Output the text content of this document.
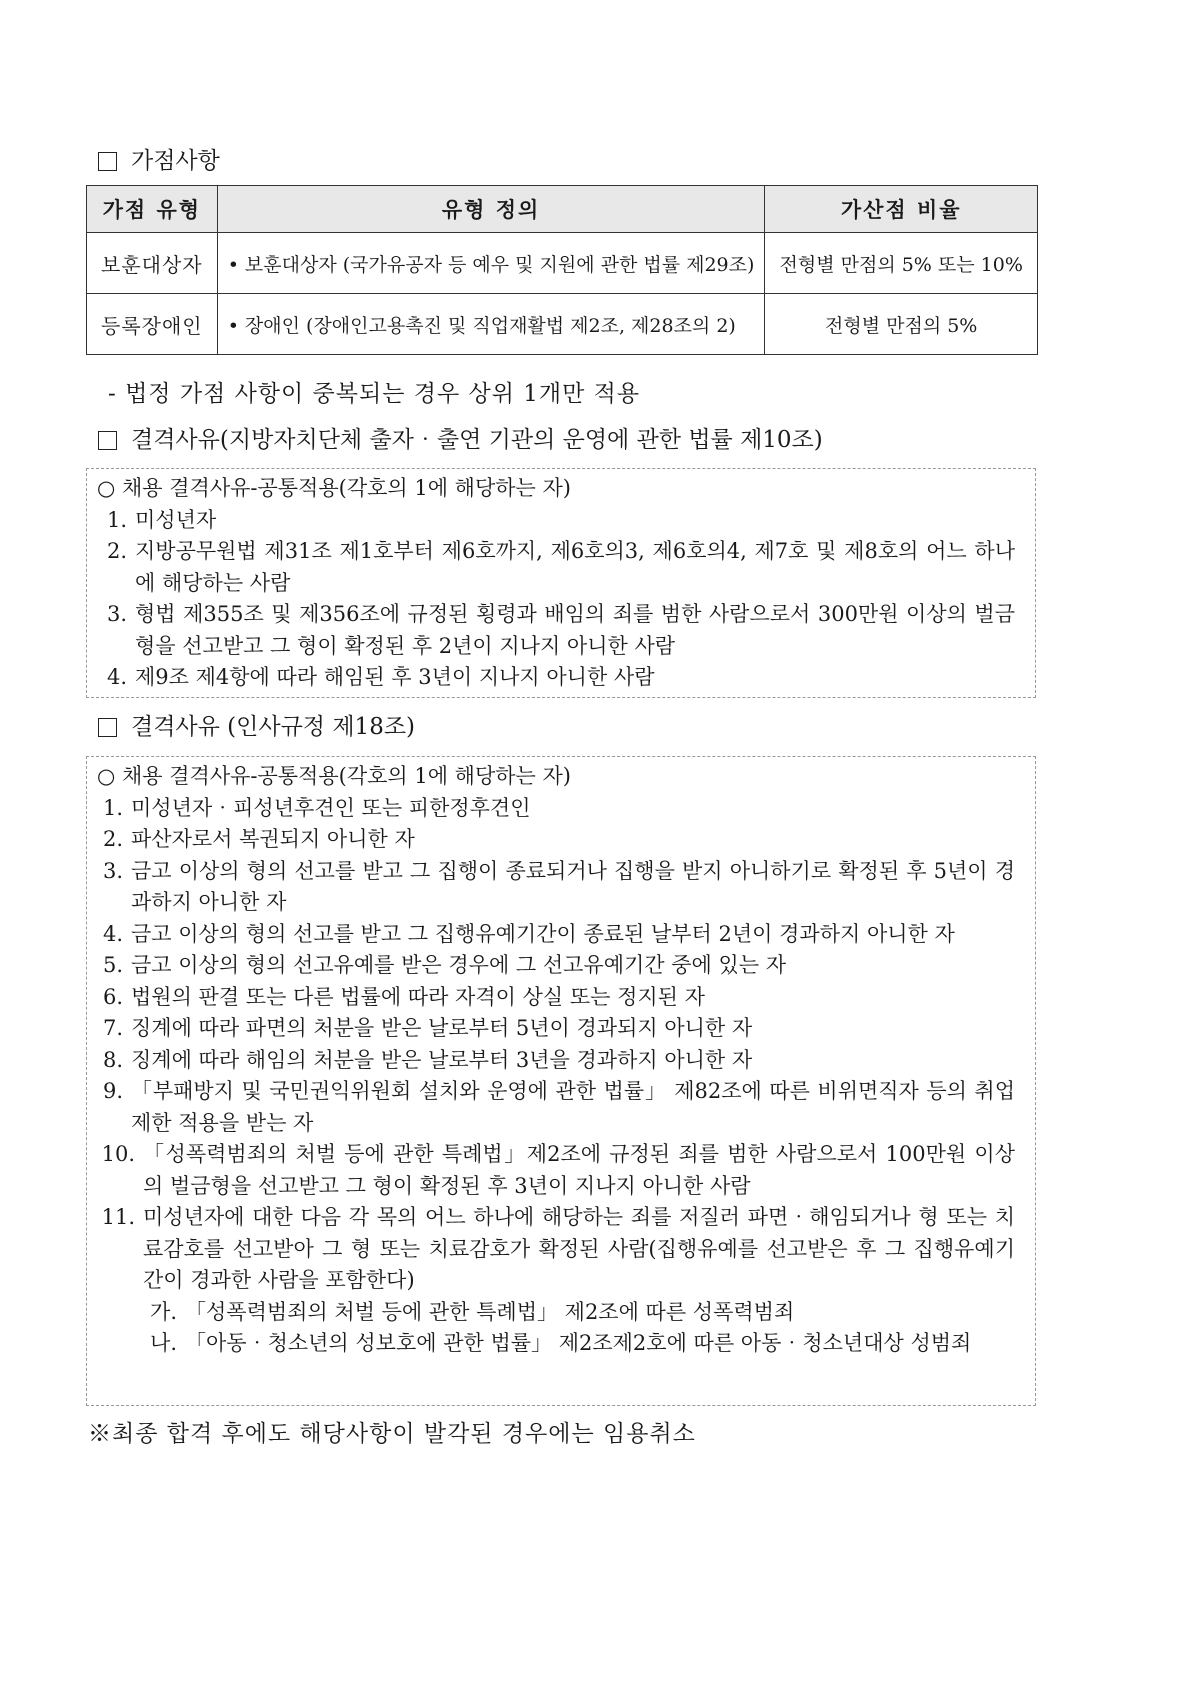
가점사항
가점 유형	유형 정의	가산점 비율
보훈대상자	• 보훈대상자 (국가유공자 등 예우 및 지원에 관한 법률 제29조)	전형별 만점의 5% 또는 10%
등록장애인	• 장애인 (장애인고용촉진 및 직업재활법 제2조, 제28조의 2)	전형별 만점의 5%
- 법정 가점 사항이 중복되는 경우 상위 1개만 적용
결격사유(지방자치단체 출자‧출연 기관의 운영에 관한 법률 제10조)
○ 채용 결격사유-공통적용(각호의 1에 해당하는 자)
1. 미성년자
2. 지방공무원법 제31조 제1호부터 제6호까지, 제6호의3, 제6호의4, 제7호 및 제8호의 어느 하나에 해당하는 사람
3. 형법 제355조 및 제356조에 규정된 횡령과 배임의 죄를 범한 사람으로서 300만원 이상의 벌금형을 선고받고 그 형이 확정된 후 2년이 지나지 아니한 사람
4. 제9조 제4항에 따라 해임된 후 3년이 지나지 아니한 사람
결격사유 (인사규정 제18조)
○ 채용 결격사유-공통적용(각호의 1에 해당하는 자)
1. 미성년자‧피성년후견인 또는 피한정후견인
2. 파산자로서 복권되지 아니한 자
3. 금고 이상의 형의 선고를 받고 그 집행이 종료되거나 집행을 받지 아니하기로 확정된 후 5년이 경과하지 아니한 자
4. 금고 이상의 형의 선고를 받고 그 집행유예기간이 종료된 날부터 2년이 경과하지 아니한 자
5. 금고 이상의 형의 선고유예를 받은 경우에 그 선고유예기간 중에 있는 자
6. 법원의 판결 또는 다른 법률에 따라 자격이 상실 또는 정지된 자
7. 징계에 따라 파면의 처분을 받은 날로부터 5년이 경과되지 아니한 자
8. 징계에 따라 해임의 처분을 받은 날로부터 3년을 경과하지 아니한 자
9. 「부패방지 및 국민권익위원회 설치와 운영에 관한 법률」 제82조에 따른 비위면직자 등의 취업제한 적용을 받는 자
10. 「성폭력범죄의 처벌 등에 관한 특례법」제2조에 규정된 죄를 범한 사람으로서 100만원 이상의 벌금형을 선고받고 그 형이 확정된 후 3년이 지나지 아니한 사람
11. 미성년자에 대한 다음 각 목의 어느 하나에 해당하는 죄를 저질러 파면‧해임되거나 형 또는 치료감호를 선고받아 그 형 또는 치료감호가 확정된 사람(집행유예를 선고받은 후 그 집행유예기간이 경과한 사람을 포함한다)
가. 「성폭력범죄의 처벌 등에 관한 특례법」 제2조에 따른 성폭력범죄
나. 「아동‧청소년의 성보호에 관한 법률」 제2조제2호에 따른 아동‧청소년대상 성범죄
※최종 합격 후에도 해당사항이 발각된 경우에는 임용취소
